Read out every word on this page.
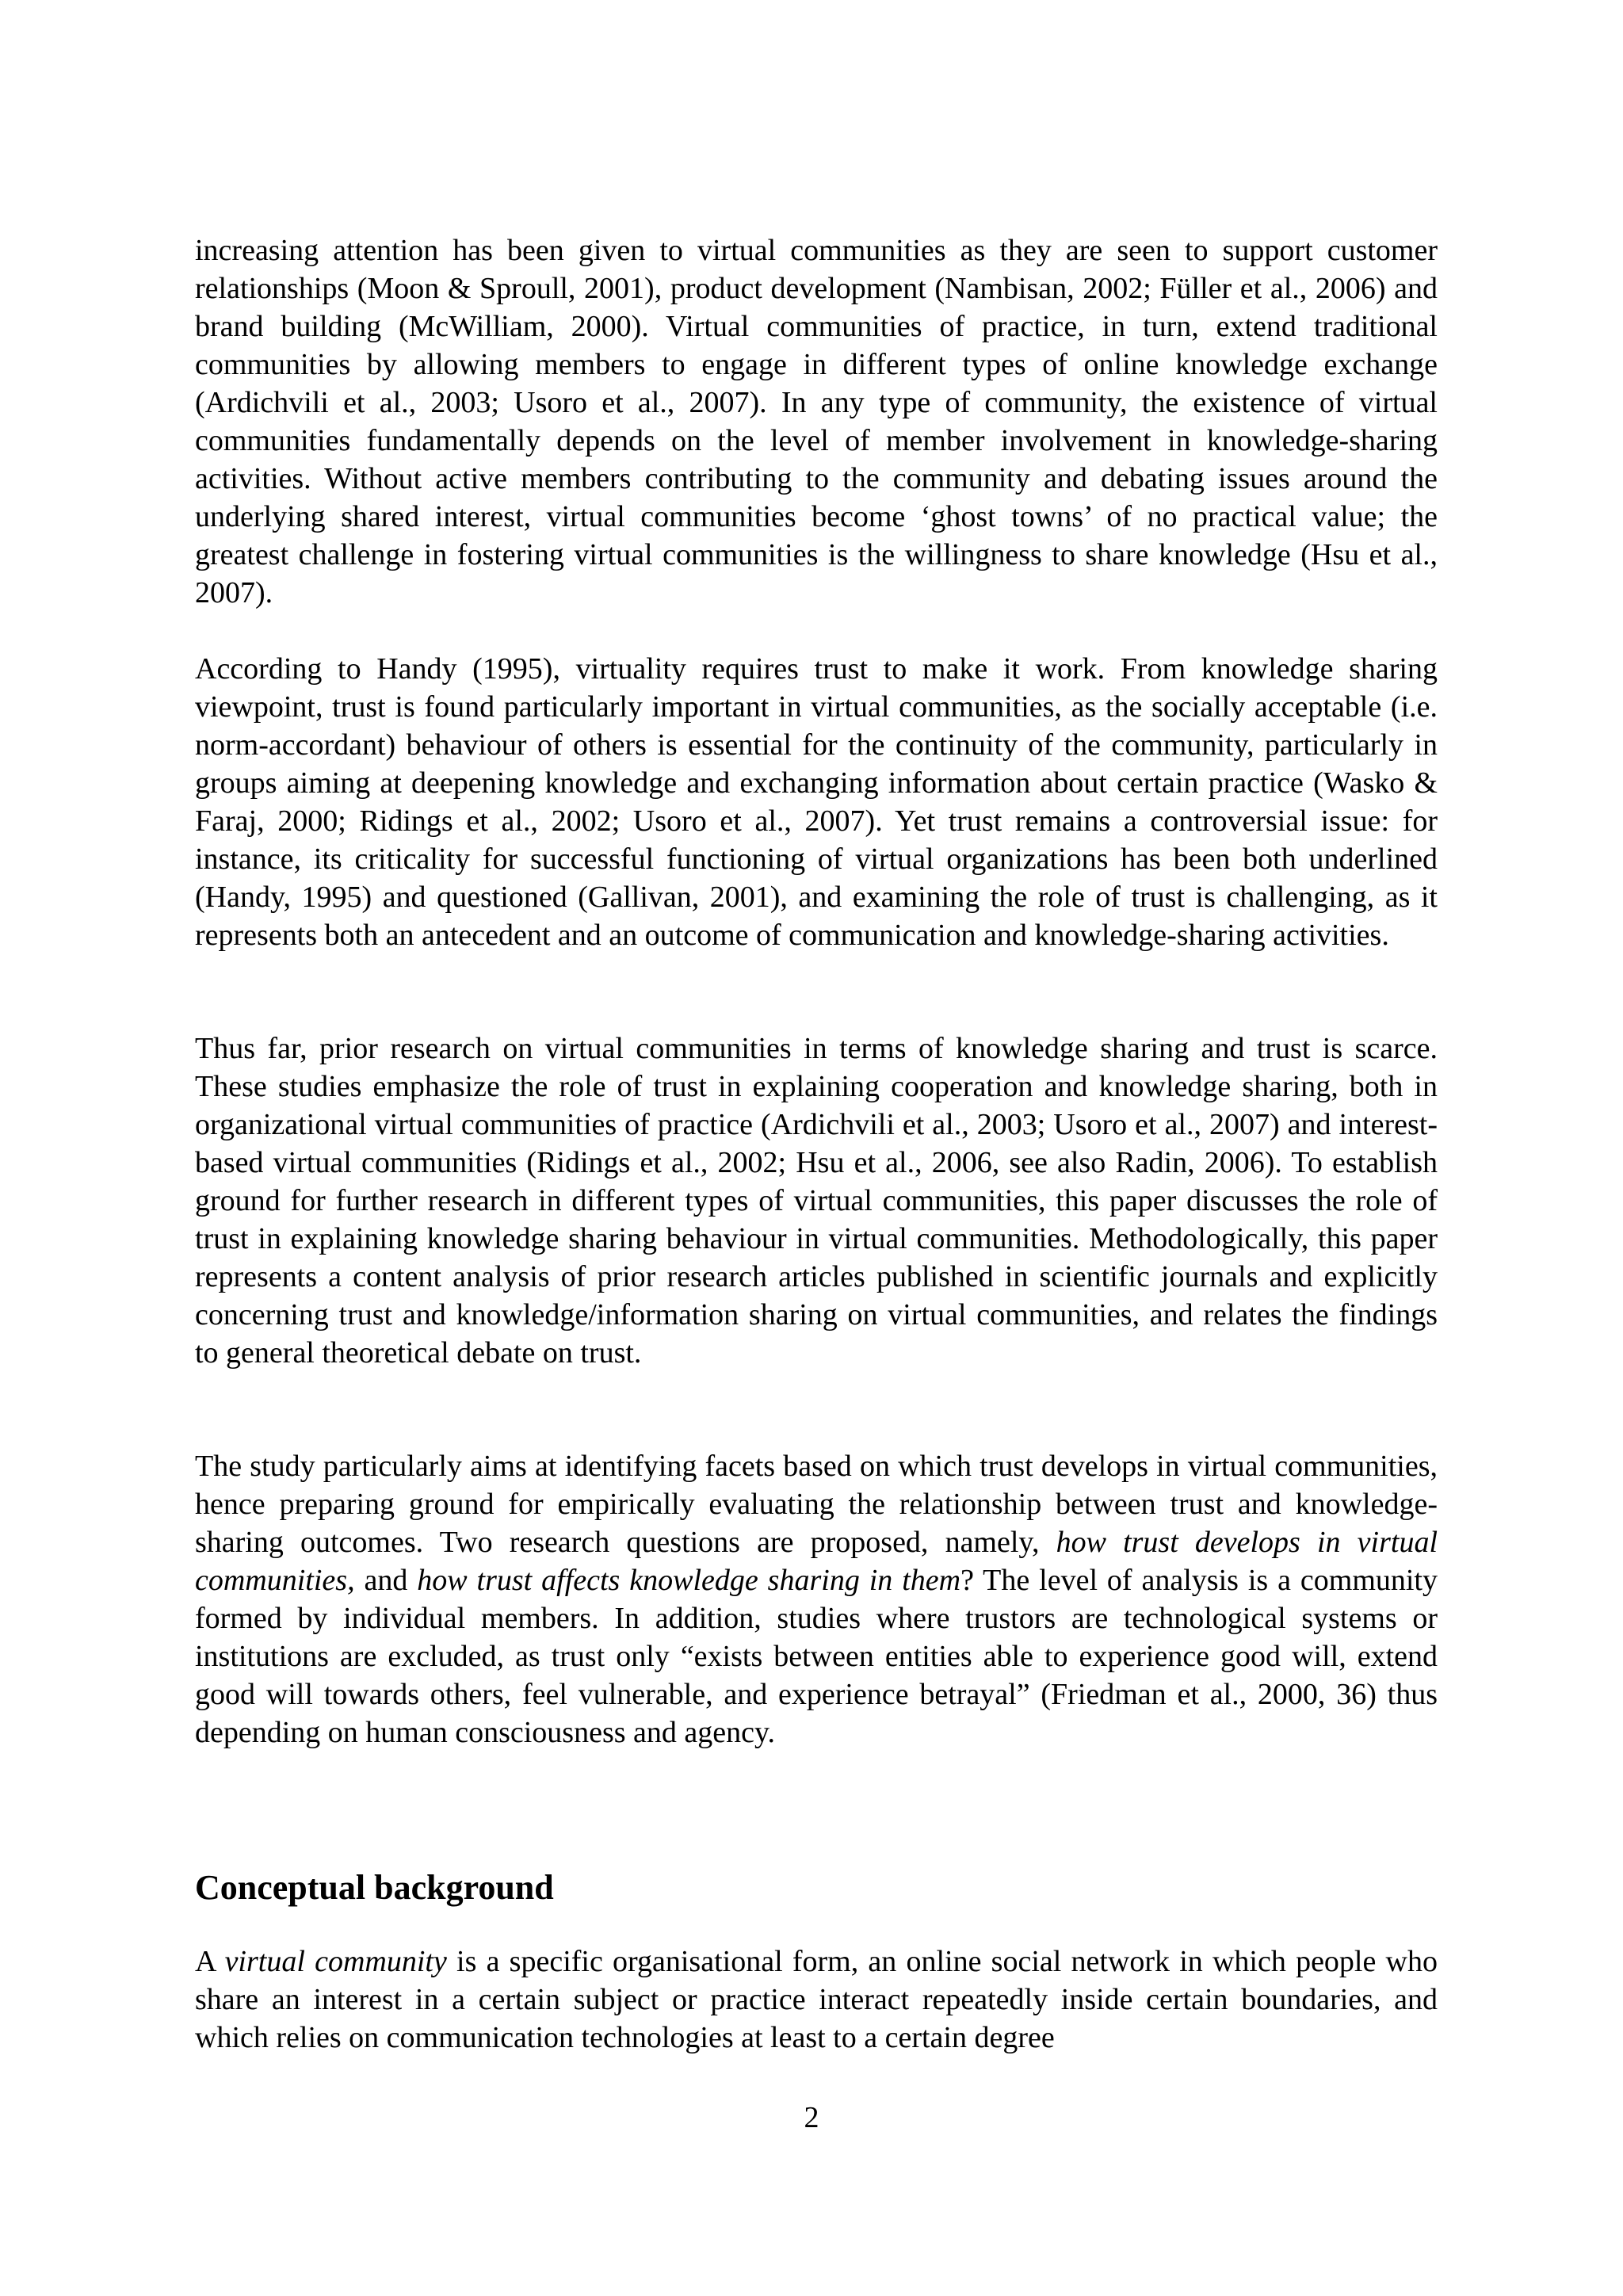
increasing attention has been given to virtual communities as they are seen to support customer relationships (Moon & Sproull, 2001), product development (Nambisan, 2002; Füller et al., 2006) and brand building (McWilliam, 2000). Virtual communities of practice, in turn, extend traditional communities by allowing members to engage in different types of online knowledge exchange (Ardichvili et al., 2003; Usoro et al., 2007). In any type of community, the existence of virtual communities fundamentally depends on the level of member involvement in knowledge-sharing activities. Without active members contributing to the community and debating issues around the underlying shared interest, virtual communities become ‘ghost towns’ of no practical value; the greatest challenge in fostering virtual communities is the willingness to share knowledge (Hsu et al., 2007).

According to Handy (1995), virtuality requires trust to make it work. From knowledge sharing viewpoint, trust is found particularly important in virtual communities, as the socially acceptable (i.e. norm-accordant) behaviour of others is essential for the continuity of the community, particularly in groups aiming at deepening knowledge and exchanging information about certain practice (Wasko & Faraj, 2000; Ridings et al., 2002; Usoro et al., 2007). Yet trust remains a controversial issue: for instance, its criticality for successful functioning of virtual organizations has been both underlined (Handy, 1995) and questioned (Gallivan, 2001), and examining the role of trust is challenging, as it represents both an antecedent and an outcome of communication and knowledge-sharing activities.

Thus far, prior research on virtual communities in terms of knowledge sharing and trust is scarce. These studies emphasize the role of trust in explaining cooperation and knowledge sharing, both in organizational virtual communities of practice (Ardichvili et al., 2003; Usoro et al., 2007) and interest-based virtual communities (Ridings et al., 2002; Hsu et al., 2006, see also Radin, 2006). To establish ground for further research in different types of virtual communities, this paper discusses the role of trust in explaining knowledge sharing behaviour in virtual communities. Methodologically, this paper represents a content analysis of prior research articles published in scientific journals and explicitly concerning trust and knowledge/information sharing on virtual communities, and relates the findings to general theoretical debate on trust.

The study particularly aims at identifying facets based on which trust develops in virtual communities, hence preparing ground for empirically evaluating the relationship between trust and knowledge-sharing outcomes. Two research questions are proposed, namely, how trust develops in virtual communities, and how trust affects knowledge sharing in them? The level of analysis is a community formed by individual members. In addition, studies where trustors are technological systems or institutions are excluded, as trust only “exists between entities able to experience good will, extend good will towards others, feel vulnerable, and experience betrayal” (Friedman et al., 2000, 36) thus depending on human consciousness and agency.

Conceptual background

A virtual community is a specific organisational form, an online social network in which people who share an interest in a certain subject or practice interact repeatedly inside certain boundaries, and which relies on communication technologies at least to a certain degree

2
